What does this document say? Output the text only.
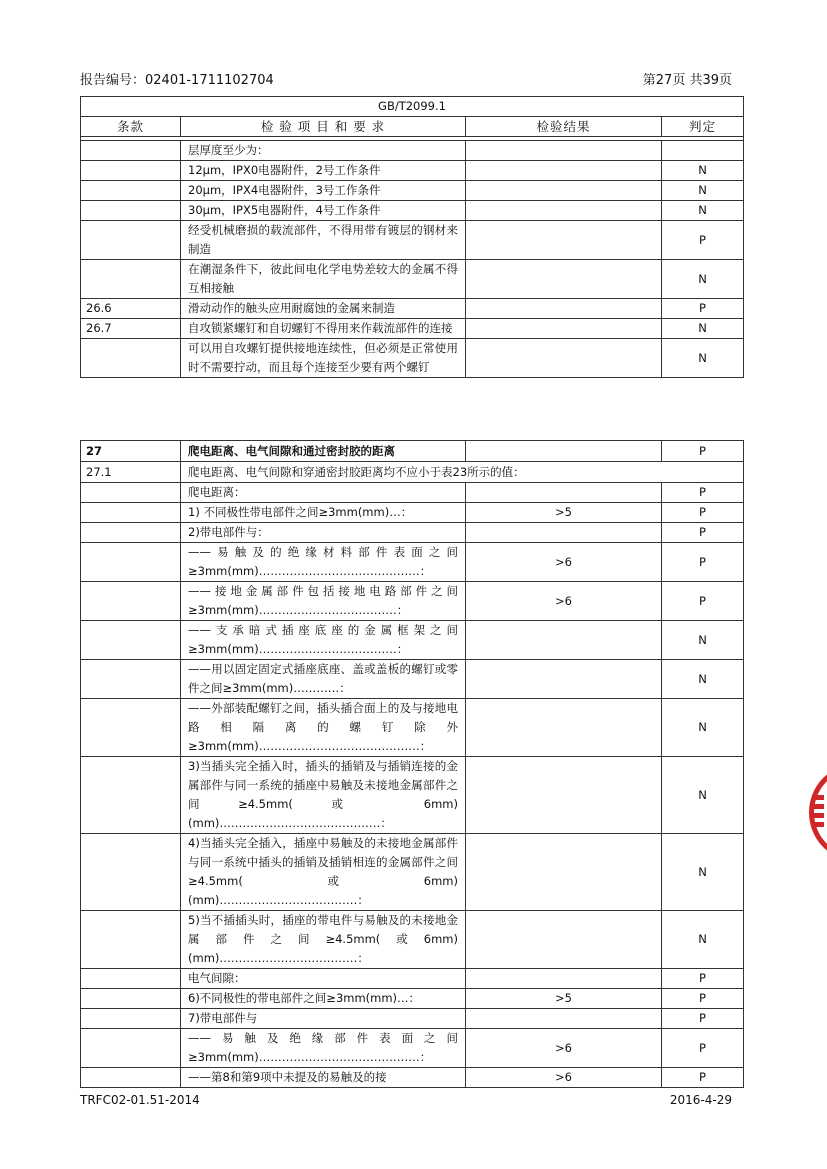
报告编号：02401-1711102704	第27页 共39页
GB/T2099.1			
条款	检 验 项 目 和 要 求	检验结果	判定

	层厚度至少为：		
	12μm，IPX0电器附件，2号工作条件		N
	20μm，IPX4电器附件，3号工作条件		N
	30μm，IPX5电器附件，4号工作条件		N
	经受机械磨损的载流部件，不得用带有镀层的钢材来制造		P
	在潮湿条件下，彼此间电化学电势差较大的金属不得互相接触		N
26.6	滑动动作的触头应用耐腐蚀的金属来制造		P
26.7	自攻锁紧螺钉和自切螺钉不得用来作载流部件的连接		N
	可以用自攻螺钉提供接地连续性，但必须是正常使用时不需要拧动，而且每个连接至少要有两个螺钉		N
27	爬电距离、电气间隙和通过密封胶的距离		P
27.1	爬电距离、电气间隙和穿通密封胶距离均不应小于表23所示的值：		
	爬电距离：		P
	1) 不同极性带电部件之间≥3mm(mm)…：	>5	P
	2)带电部件与：		P
	——易触及的绝缘材料部件表面之间≥3mm(mm)……………………………………：	>6	P
	——接地金属部件包括接地电路部件之间≥3mm(mm)………………………………：	>6	P
	——支承暗式插座底座的金属框架之间≥3mm(mm)………………………………：		N
	——用以固定固定式插座底座、盖或盖板的螺钉或零件之间≥3mm(mm)…………：		N
	——外部装配螺钉之间，插头插合面上的及与接地电路相隔离的螺钉除外≥3mm(mm)……………………………………：		N
	3)当插头完全插入时，插头的插销及与插销连接的金属部件与同一系统的插座中易触及未接地金属部件之间≥4.5mm(或 6mm)(mm)……………………………………：		N
	4)当插头完全插入，插座中易触及的未接地金属部件与同一系统中插头的插销及插销相连的金属部件之间≥4.5mm(或6mm)(mm)………………………………：		N
	5)当不插插头时，插座的带电件与易触及的未接地金属部件之间≥4.5mm(或6mm)(mm)………………………………：		N
	电气间隙：		P
	6)不同极性的带电部件之间≥3mm(mm)…：	>5	P
	7)带电部件与		P
	——易触及绝缘部件表面之间≥3mm(mm)……………………………………：	>6	P
	——第8和第9项中未提及的易触及的接	>6	P
TRFC02-01.51-2014	2016-4-29
